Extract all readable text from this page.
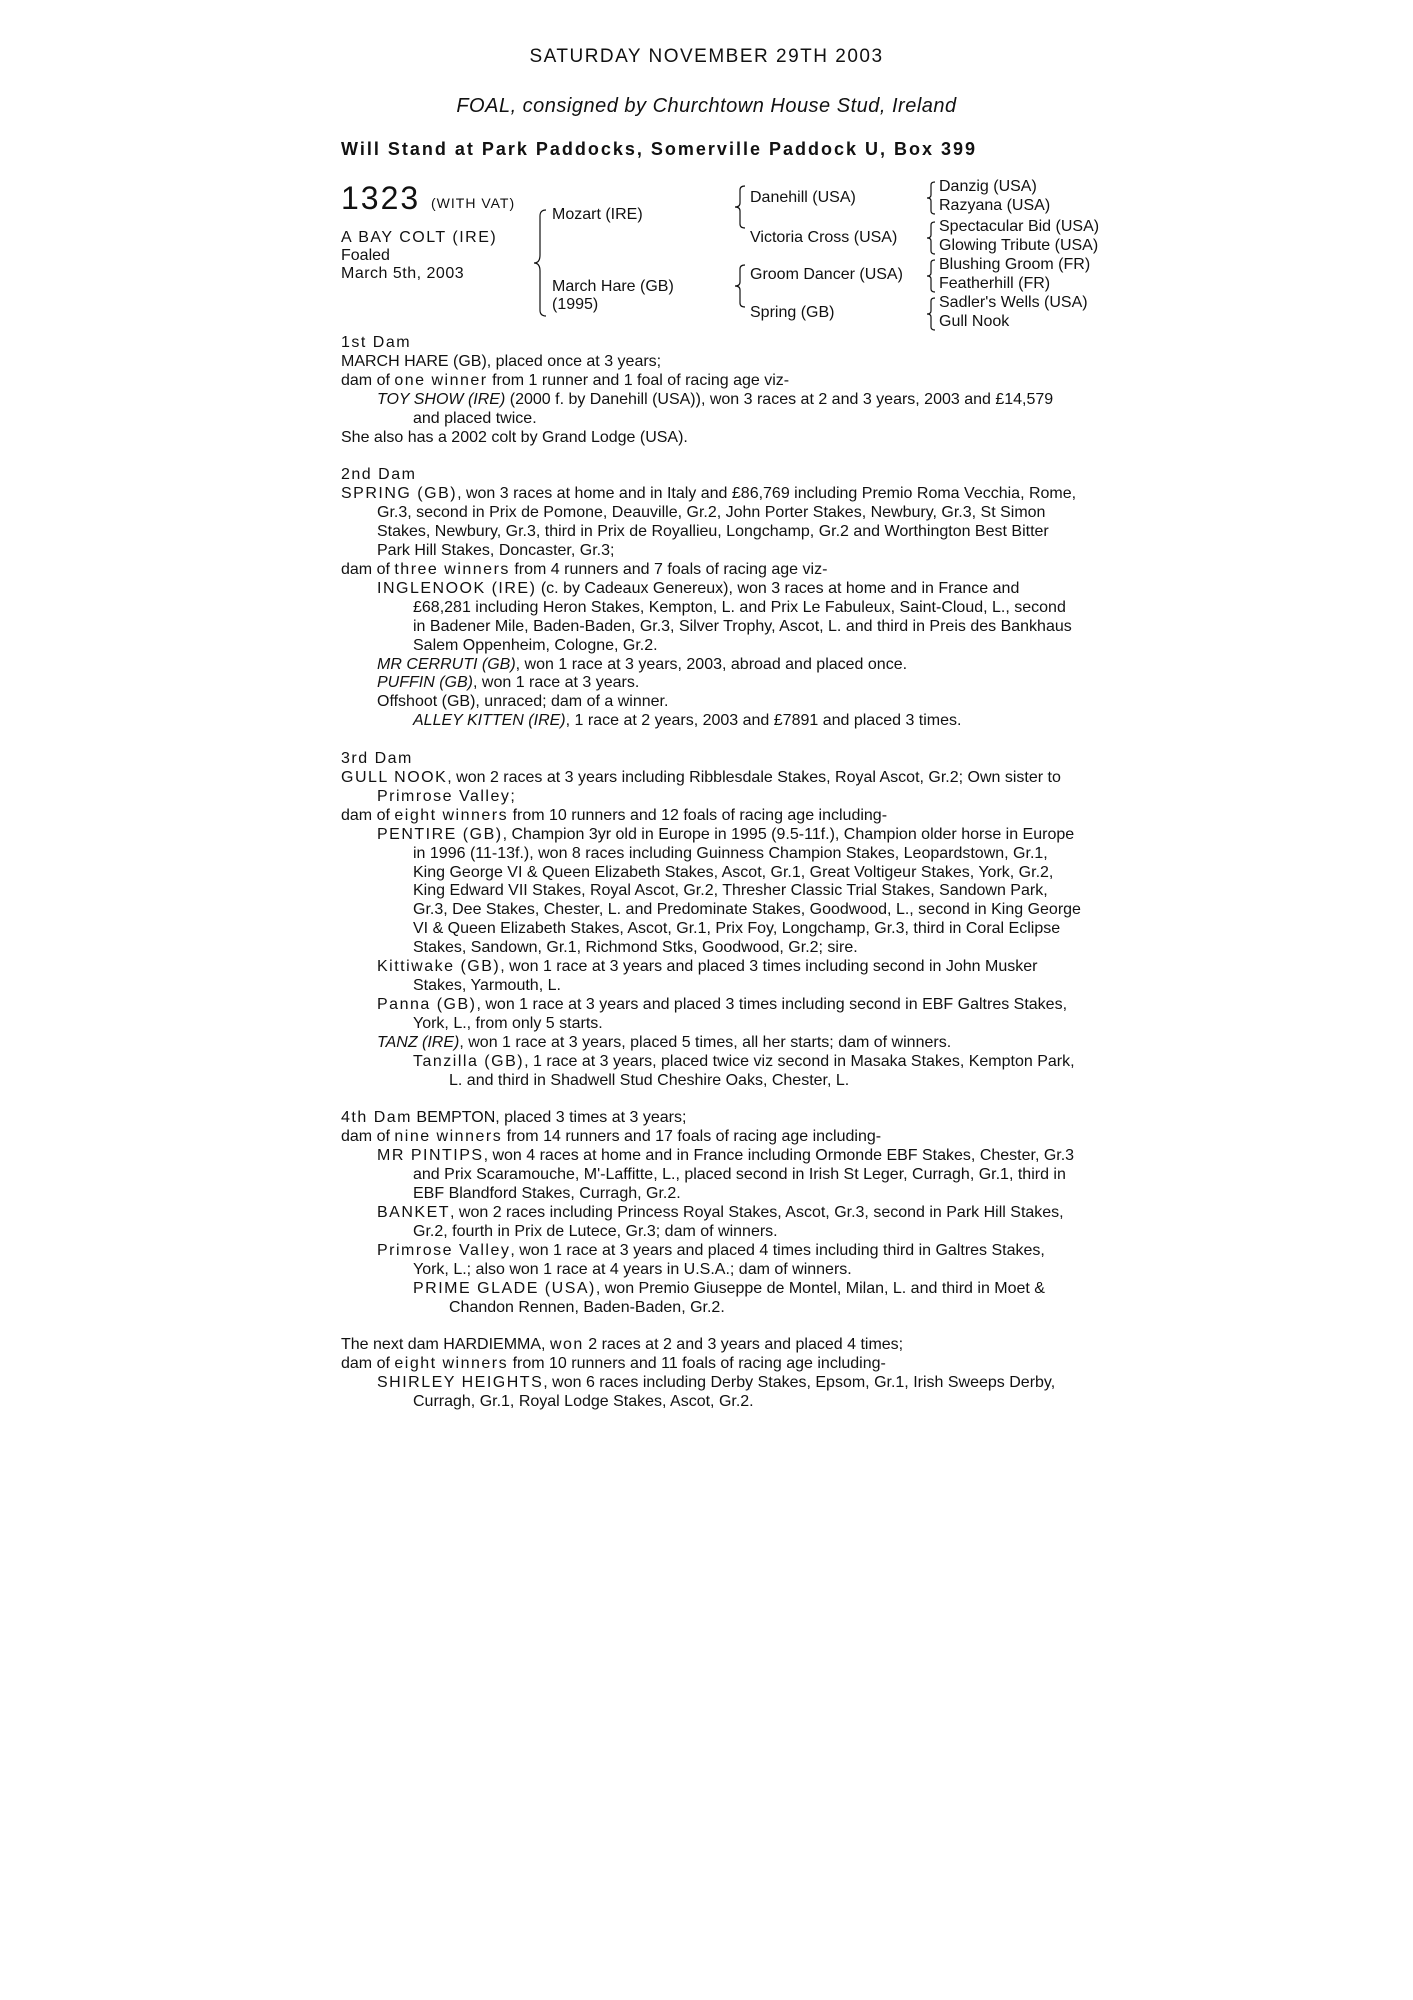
SATURDAY NOVEMBER 29TH 2003
FOAL, consigned by Churchtown House Stud, Ireland
Will Stand at Park Paddocks, Somerville Paddock U, Box 399
1323 (WITH VAT)
A BAY COLT (IRE)
Foaled
March 5th, 2003
Mozart (IRE)
March Hare (GB)
(1995)
Danehill (USA)
Victoria Cross (USA)
Groom Dancer (USA)
Spring (GB)
Danzig (USA)
Razyana (USA)
Spectacular Bid (USA)
Glowing Tribute (USA)
Blushing Groom (FR)
Featherhill (FR)
Sadler's Wells (USA)
Gull Nook

1st Dam

MARCH HARE (GB), placed once at 3 years;

dam of one winner from 1 runner and 1 foal of racing age viz-

TOY SHOW (IRE) (2000 f. by Danehill (USA)), won 3 races at 2 and 3 years, 2003 and £14,579 and placed twice.

She also has a 2002 colt by Grand Lodge (USA).

2nd Dam

SPRING (GB), won 3 races at home and in Italy and £86,769 including Premio Roma Vecchia, Rome, Gr.3, second in Prix de Pomone, Deauville, Gr.2, John Porter Stakes, Newbury, Gr.3, St Simon Stakes, Newbury, Gr.3, third in Prix de Royallieu, Longchamp, Gr.2 and Worthington Best Bitter Park Hill Stakes, Doncaster, Gr.3;

dam of three winners from 4 runners and 7 foals of racing age viz-

INGLENOOK (IRE) (c. by Cadeaux Genereux), won 3 races at home and in France and £68,281 including Heron Stakes, Kempton, L. and Prix Le Fabuleux, Saint-Cloud, L., second in Badener Mile, Baden-Baden, Gr.3, Silver Trophy, Ascot, L. and third in Preis des Bankhaus Salem Oppenheim, Cologne, Gr.2.

MR CERRUTI (GB), won 1 race at 3 years, 2003, abroad and placed once.

PUFFIN (GB), won 1 race at 3 years.

Offshoot (GB), unraced; dam of a winner.

ALLEY KITTEN (IRE), 1 race at 2 years, 2003 and £7891 and placed 3 times.

3rd Dam

GULL NOOK, won 2 races at 3 years including Ribblesdale Stakes, Royal Ascot, Gr.2; Own sister to Primrose Valley;

dam of eight winners from 10 runners and 12 foals of racing age including-

PENTIRE (GB), Champion 3yr old in Europe in 1995 (9.5-11f.), Champion older horse in Europe in 1996 (11-13f.), won 8 races including Guinness Champion Stakes, Leopardstown, Gr.1, King George VI & Queen Elizabeth Stakes, Ascot, Gr.1, Great Voltigeur Stakes, York, Gr.2, King Edward VII Stakes, Royal Ascot, Gr.2, Thresher Classic Trial Stakes, Sandown Park, Gr.3, Dee Stakes, Chester, L. and Predominate Stakes, Goodwood, L., second in King George VI & Queen Elizabeth Stakes, Ascot, Gr.1, Prix Foy, Longchamp, Gr.3, third in Coral Eclipse Stakes, Sandown, Gr.1, Richmond Stks, Goodwood, Gr.2; sire.

Kittiwake (GB), won 1 race at 3 years and placed 3 times including second in John Musker Stakes, Yarmouth, L.

Panna (GB), won 1 race at 3 years and placed 3 times including second in EBF Galtres Stakes, York, L., from only 5 starts.

TANZ (IRE), won 1 race at 3 years, placed 5 times, all her starts; dam of winners.

Tanzilla (GB), 1 race at 3 years, placed twice viz second in Masaka Stakes, Kempton Park, L. and third in Shadwell Stud Cheshire Oaks, Chester, L.

4th Dam BEMPTON, placed 3 times at 3 years;

dam of nine winners from 14 runners and 17 foals of racing age including-

MR PINTIPS, won 4 races at home and in France including Ormonde EBF Stakes, Chester, Gr.3 and Prix Scaramouche, M'-Laffitte, L., placed second in Irish St Leger, Curragh, Gr.1, third in EBF Blandford Stakes, Curragh, Gr.2.

BANKET, won 2 races including Princess Royal Stakes, Ascot, Gr.3, second in Park Hill Stakes, Gr.2, fourth in Prix de Lutece, Gr.3; dam of winners.

Primrose Valley, won 1 race at 3 years and placed 4 times including third in Galtres Stakes, York, L.; also won 1 race at 4 years in U.S.A.; dam of winners.

PRIME GLADE (USA), won Premio Giuseppe de Montel, Milan, L. and third in Moet & Chandon Rennen, Baden-Baden, Gr.2.

The next dam HARDIEMMA, won 2 races at 2 and 3 years and placed 4 times;

dam of eight winners from 10 runners and 11 foals of racing age including-

SHIRLEY HEIGHTS, won 6 races including Derby Stakes, Epsom, Gr.1, Irish Sweeps Derby, Curragh, Gr.1, Royal Lodge Stakes, Ascot, Gr.2.
